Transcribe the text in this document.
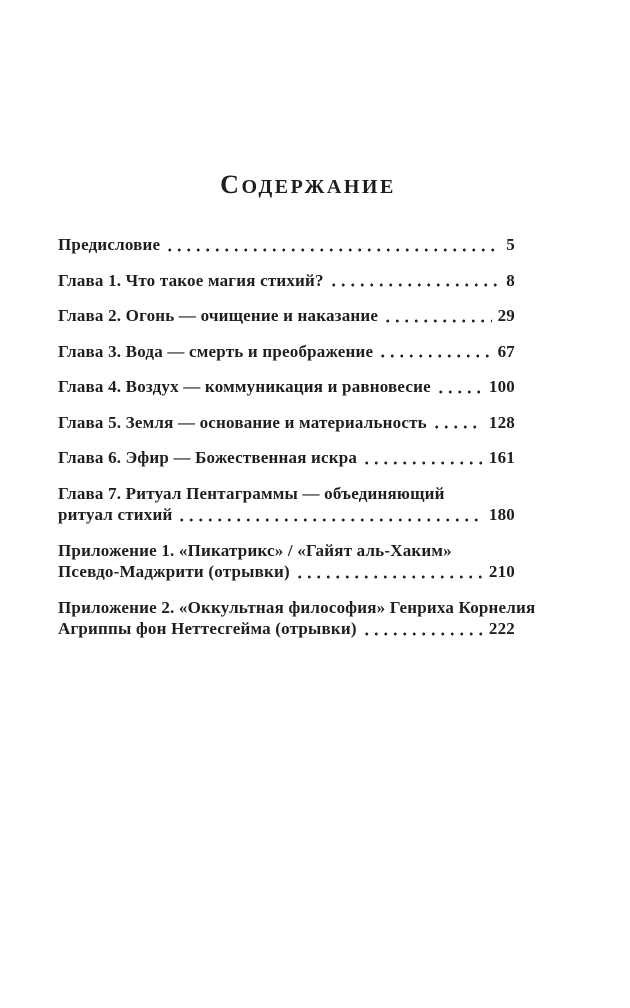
СОДЕРЖАНИЕ
Предисловие	5
Глава 1. Что такое магия стихий?	8
Глава 2. Огонь — очищение и наказание	29
Глава 3. Вода — смерть и преображение	67
Глава 4. Воздух — коммуникация и равновесие	100
Глава 5. Земля — основание и материальность	128
Глава 6. Эфир — Божественная искра	161
Глава 7. Ритуал Пентаграммы — объединяющий
ритуал стихий	180
Приложение 1. «Пикатрикс» / «Гайят аль-Хаким»
Псевдо-Маджрити (отрывки)	210
Приложение 2. «Оккультная философия» Генриха Корнелия
Агриппы фон Неттесгейма (отрывки)	222
